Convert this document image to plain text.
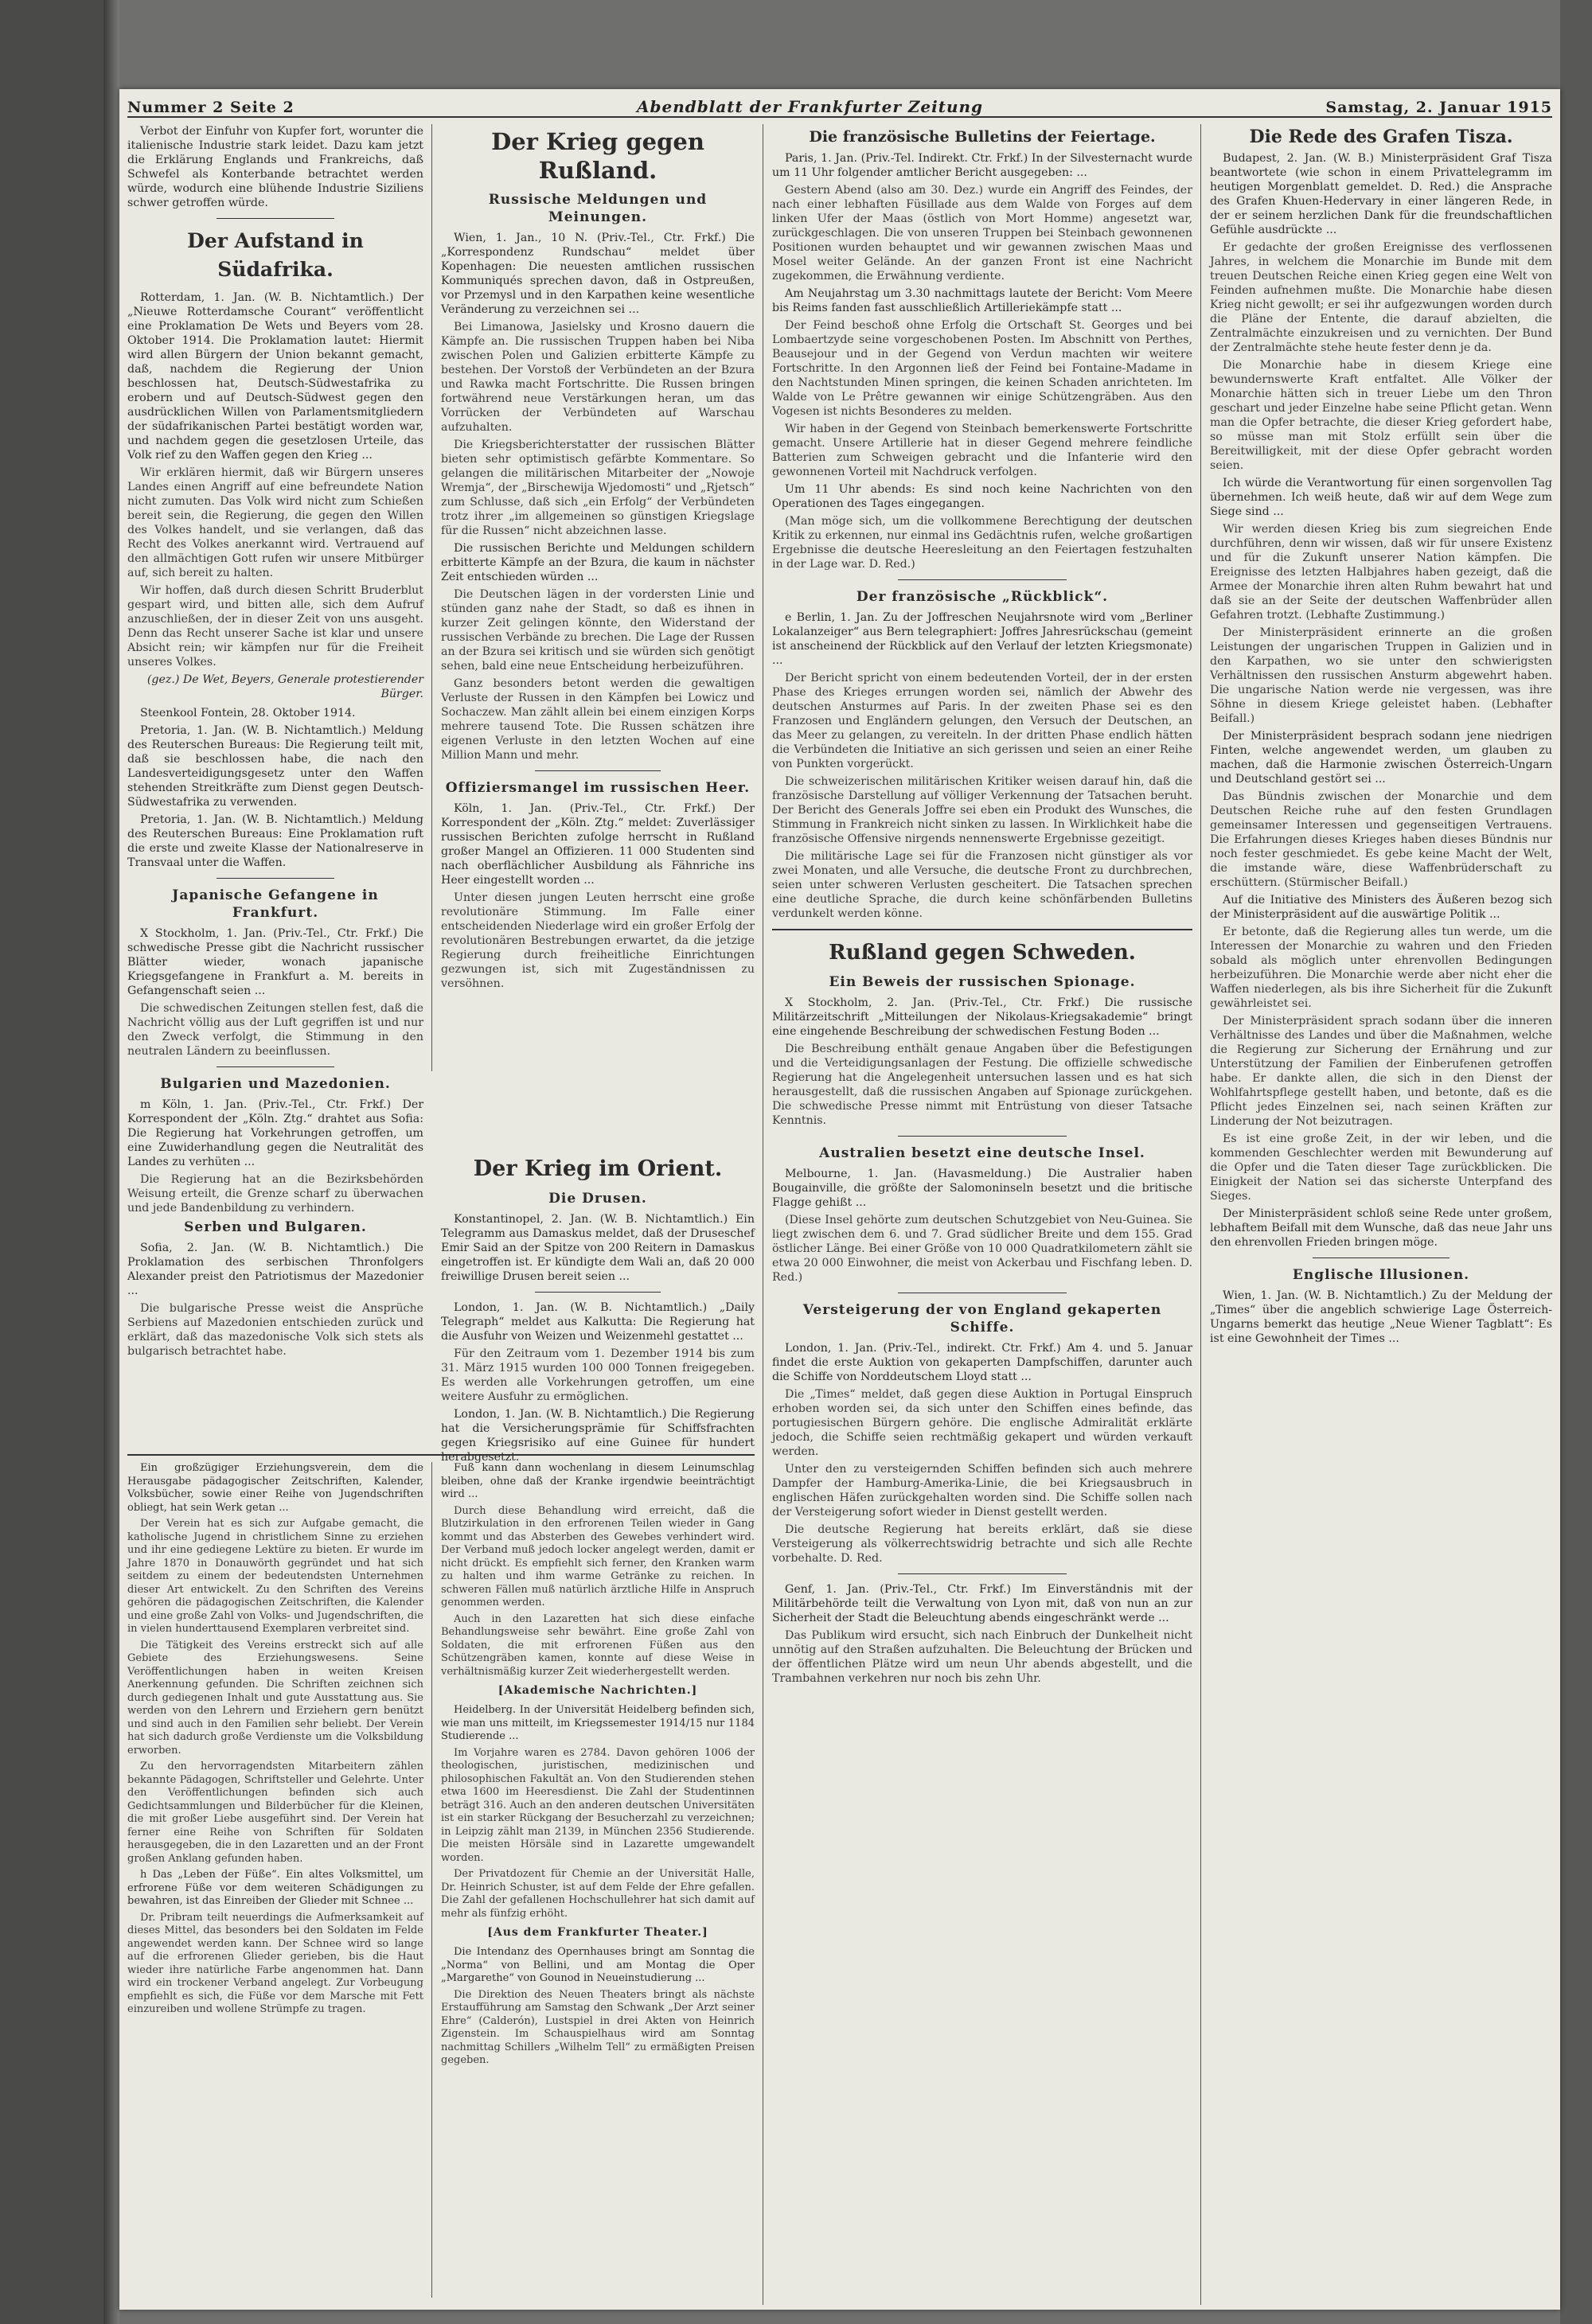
Nummer 2 Seite 2	Abendblatt der Frankfurter Zeitung	Samstag, 2. Januar 1915

Verbot der Einfuhr von Kupfer fort, worunter die italienische Industrie stark leidet. Dazu kam jetzt die Erklärung Englands und Frankreichs, daß Schwefel als Konterbande betrachtet werden würde, wodurch eine blühende Industrie Siziliens schwer getroffen würde.

Der Aufstand in Südafrika.

Rotterdam, 1. Jan. (W. B. Nichtamtlich.) Der „Nieuwe Rotterdamsche Courant“ veröffentlicht eine Proklamation De Wets und Beyers vom 28. Oktober 1914. Die Proklamation lautet: Hiermit wird allen Bürgern der Union bekannt gemacht, daß, nachdem die Regierung der Union beschlossen hat, Deutsch-Südwestafrika zu erobern und auf Deutsch-Südwest gegen den ausdrücklichen Willen von Parlamentsmitgliedern der südafrikanischen Partei bestätigt worden war, und nachdem gegen die gesetzlosen Urteile, das Volk rief zu den Waffen gegen den Krieg ...

Wir erklären hiermit, daß wir Bürgern unseres Landes einen Angriff auf eine befreundete Nation nicht zumuten. Das Volk wird nicht zum Schießen bereit sein, die Regierung, die gegen den Willen des Volkes handelt, und sie verlangen, daß das Recht des Volkes anerkannt wird. Vertrauend auf den allmächtigen Gott rufen wir unsere Mitbürger auf, sich bereit zu halten.

Wir hoffen, daß durch diesen Schritt Bruderblut gespart wird, und bitten alle, sich dem Aufruf anzuschließen, der in dieser Zeit von uns ausgeht. Denn das Recht unserer Sache ist klar und unsere Absicht rein; wir kämpfen nur für die Freiheit unseres Volkes.

(gez.) De Wet, Beyers, Generale protestierender Bürger.

Steenkool Fontein, 28. Oktober 1914.

Pretoria, 1. Jan. (W. B. Nichtamtlich.) Meldung des Reuterschen Bureaus: Die Regierung teilt mit, daß sie beschlossen habe, die nach den Landesverteidigungsgesetz unter den Waffen stehenden Streitkräfte zum Dienst gegen Deutsch-Südwestafrika zu verwenden.

Pretoria, 1. Jan. (W. B. Nichtamtlich.) Meldung des Reuterschen Bureaus: Eine Proklamation ruft die erste und zweite Klasse der Nationalreserve in Transvaal unter die Waffen.

Japanische Gefangene in Frankfurt.

X Stockholm, 1. Jan. (Priv.-Tel., Ctr. Frkf.) Die schwedische Presse gibt die Nachricht russischer Blätter wieder, wonach japanische Kriegsgefangene in Frankfurt a. M. bereits in Gefangenschaft seien ...

Die schwedischen Zeitungen stellen fest, daß die Nachricht völlig aus der Luft gegriffen ist und nur den Zweck verfolgt, die Stimmung in den neutralen Ländern zu beeinflussen.

Bulgarien und Mazedonien.

m Köln, 1. Jan. (Priv.-Tel., Ctr. Frkf.) Der Korrespondent der „Köln. Ztg.“ drahtet aus Sofia: Die Regierung hat Vorkehrungen getroffen, um eine Zuwiderhandlung gegen die Neutralität des Landes zu verhüten ...

Die Regierung hat an die Bezirksbehörden Weisung erteilt, die Grenze scharf zu überwachen und jede Bandenbildung zu verhindern.

Serben und Bulgaren.

Sofia, 2. Jan. (W. B. Nichtamtlich.) Die Proklamation des serbischen Thronfolgers Alexander preist den Patriotismus der Mazedonier ...

Die bulgarische Presse weist die Ansprüche Serbiens auf Mazedonien entschieden zurück und erklärt, daß das mazedonische Volk sich stets als bulgarisch betrachtet habe.

Der Krieg gegen Rußland.
Russische Meldungen und Meinungen.

Wien, 1. Jan., 10 N. (Priv.-Tel., Ctr. Frkf.) Die „Korrespondenz Rundschau“ meldet über Kopenhagen: Die neuesten amtlichen russischen Kommuniqués sprechen davon, daß in Ostpreußen, vor Przemysl und in den Karpathen keine wesentliche Veränderung zu verzeichnen sei ...

Bei Limanowa, Jasielsky und Krosno dauern die Kämpfe an. Die russischen Truppen haben bei Niba zwischen Polen und Galizien erbitterte Kämpfe zu bestehen. Der Vorstoß der Verbündeten an der Bzura und Rawka macht Fortschritte. Die Russen bringen fortwährend neue Verstärkungen heran, um das Vorrücken der Verbündeten auf Warschau aufzuhalten.

Die Kriegsberichterstatter der russischen Blätter bieten sehr optimistisch gefärbte Kommentare. So gelangen die militärischen Mitarbeiter der „Nowoje Wremja“, der „Birschewija Wjedomosti“ und „Rjetsch“ zum Schlusse, daß sich „ein Erfolg“ der Verbündeten trotz ihrer „im allgemeinen so günstigen Kriegslage für die Russen“ nicht abzeichnen lasse.

Die russischen Berichte und Meldungen schildern erbitterte Kämpfe an der Bzura, die kaum in nächster Zeit entschieden würden ...

Die Deutschen lägen in der vordersten Linie und stünden ganz nahe der Stadt, so daß es ihnen in kurzer Zeit gelingen könnte, den Widerstand der russischen Verbände zu brechen. Die Lage der Russen an der Bzura sei kritisch und sie würden sich genötigt sehen, bald eine neue Entscheidung herbeizuführen.

Ganz besonders betont werden die gewaltigen Verluste der Russen in den Kämpfen bei Lowicz und Sochaczew. Man zählt allein bei einem einzigen Korps mehrere tausend Tote. Die Russen schätzen ihre eigenen Verluste in den letzten Wochen auf eine Million Mann und mehr.

Offiziersmangel im russischen Heer.

Köln, 1. Jan. (Priv.-Tel., Ctr. Frkf.) Der Korrespondent der „Köln. Ztg.“ meldet: Zuverlässiger russischen Berichten zufolge herrscht in Rußland großer Mangel an Offizieren. 11 000 Studenten sind nach oberflächlicher Ausbildung als Fähnriche ins Heer eingestellt worden ...

Unter diesen jungen Leuten herrscht eine große revolutionäre Stimmung. Im Falle einer entscheidenden Niederlage wird ein großer Erfolg der revolutionären Bestrebungen erwartet, da die jetzige Regierung durch freiheitliche Einrichtungen gezwungen ist, sich mit Zugeständnissen zu versöhnen.

Der Krieg im Orient.
Die Drusen.

Konstantinopel, 2. Jan. (W. B. Nichtamtlich.) Ein Telegramm aus Damaskus meldet, daß der Druseschef Emir Said an der Spitze von 200 Reitern in Damaskus eingetroffen ist. Er kündigte dem Wali an, daß 20 000 freiwillige Drusen bereit seien ...

London, 1. Jan. (W. B. Nichtamtlich.) „Daily Telegraph“ meldet aus Kalkutta: Die Regierung hat die Ausfuhr von Weizen und Weizenmehl gestattet ...

Für den Zeitraum vom 1. Dezember 1914 bis zum 31. März 1915 wurden 100 000 Tonnen freigegeben. Es werden alle Vorkehrungen getroffen, um eine weitere Ausfuhr zu ermöglichen.

London, 1. Jan. (W. B. Nichtamtlich.) Die Regierung hat die Versicherungsprämie für Schiffsfrachten gegen Kriegsrisiko auf eine Guinee für hundert herabgesetzt.

Die französische Bulletins der Feiertage.

Paris, 1. Jan. (Priv.-Tel. Indirekt. Ctr. Frkf.) In der Silvesternacht wurde um 11 Uhr folgender amtlicher Bericht ausgegeben: ...

Gestern Abend (also am 30. Dez.) wurde ein Angriff des Feindes, der nach einer lebhaften Füsillade aus dem Walde von Forges auf dem linken Ufer der Maas (östlich von Mort Homme) angesetzt war, zurückgeschlagen. Die von unseren Truppen bei Steinbach gewonnenen Positionen wurden behauptet und wir gewannen zwischen Maas und Mosel weiter Gelände. An der ganzen Front ist eine Nachricht zugekommen, die Erwähnung verdiente.

Am Neujahrstag um 3.30 nachmittags lautete der Bericht: Vom Meere bis Reims fanden fast ausschließlich Artilleriekämpfe statt ...

Der Feind beschoß ohne Erfolg die Ortschaft St. Georges und bei Lombaertzyde seine vorgeschobenen Posten. Im Abschnitt von Perthes, Beausejour und in der Gegend von Verdun machten wir weitere Fortschritte. In den Argonnen ließ der Feind bei Fontaine-Madame in den Nachtstunden Minen springen, die keinen Schaden anrichteten. Im Walde von Le Prêtre gewannen wir einige Schützengräben. Aus den Vogesen ist nichts Besonderes zu melden.

Wir haben in der Gegend von Steinbach bemerkenswerte Fortschritte gemacht. Unsere Artillerie hat in dieser Gegend mehrere feindliche Batterien zum Schweigen gebracht und die Infanterie wird den gewonnenen Vorteil mit Nachdruck verfolgen.

Um 11 Uhr abends: Es sind noch keine Nachrichten von den Operationen des Tages eingegangen.

(Man möge sich, um die vollkommene Berechtigung der deutschen Kritik zu erkennen, nur einmal ins Gedächtnis rufen, welche großartigen Ergebnisse die deutsche Heeresleitung an den Feiertagen festzuhalten in der Lage war. D. Red.)

Der französische „Rückblick“.

e Berlin, 1. Jan. Zu der Joffreschen Neujahrsnote wird vom „Berliner Lokalanzeiger“ aus Bern telegraphiert: Joffres Jahresrückschau (gemeint ist anscheinend der Rückblick auf den Verlauf der letzten Kriegsmonate) ...

Der Bericht spricht von einem bedeutenden Vorteil, der in der ersten Phase des Krieges errungen worden sei, nämlich der Abwehr des deutschen Ansturmes auf Paris. In der zweiten Phase sei es den Franzosen und Engländern gelungen, den Versuch der Deutschen, an das Meer zu gelangen, zu vereiteln. In der dritten Phase endlich hätten die Verbündeten die Initiative an sich gerissen und seien an einer Reihe von Punkten vorgerückt.

Die schweizerischen militärischen Kritiker weisen darauf hin, daß die französische Darstellung auf völliger Verkennung der Tatsachen beruht. Der Bericht des Generals Joffre sei eben ein Produkt des Wunsches, die Stimmung in Frankreich nicht sinken zu lassen. In Wirklichkeit habe die französische Offensive nirgends nennenswerte Ergebnisse gezeitigt.

Die militärische Lage sei für die Franzosen nicht günstiger als vor zwei Monaten, und alle Versuche, die deutsche Front zu durchbrechen, seien unter schweren Verlusten gescheitert. Die Tatsachen sprechen eine deutliche Sprache, die durch keine schönfärbenden Bulletins verdunkelt werden könne.

Rußland gegen Schweden.
Ein Beweis der russischen Spionage.

X Stockholm, 2. Jan. (Priv.-Tel., Ctr. Frkf.) Die russische Militärzeitschrift „Mitteilungen der Nikolaus-Kriegsakademie“ bringt eine eingehende Beschreibung der schwedischen Festung Boden ...

Die Beschreibung enthält genaue Angaben über die Befestigungen und die Verteidigungsanlagen der Festung. Die offizielle schwedische Regierung hat die Angelegenheit untersuchen lassen und es hat sich herausgestellt, daß die russischen Angaben auf Spionage zurückgehen. Die schwedische Presse nimmt mit Entrüstung von dieser Tatsache Kenntnis.

Australien besetzt eine deutsche Insel.

Melbourne, 1. Jan. (Havasmeldung.) Die Australier haben Bougainville, die größte der Salomoninseln besetzt und die britische Flagge gehißt ...

(Diese Insel gehörte zum deutschen Schutzgebiet von Neu-Guinea. Sie liegt zwischen dem 6. und 7. Grad südlicher Breite und dem 155. Grad östlicher Länge. Bei einer Größe von 10 000 Quadratkilometern zählt sie etwa 20 000 Einwohner, die meist von Ackerbau und Fischfang leben. D. Red.)

Versteigerung der von England gekaperten Schiffe.

London, 1. Jan. (Priv.-Tel., indirekt. Ctr. Frkf.) Am 4. und 5. Januar findet die erste Auktion von gekaperten Dampfschiffen, darunter auch die Schiffe von Norddeutschem Lloyd statt ...

Die „Times“ meldet, daß gegen diese Auktion in Portugal Einspruch erhoben worden sei, da sich unter den Schiffen eines befinde, das portugiesischen Bürgern gehöre. Die englische Admiralität erklärte jedoch, die Schiffe seien rechtmäßig gekapert und würden verkauft werden.

Unter den zu versteigernden Schiffen befinden sich auch mehrere Dampfer der Hamburg-Amerika-Linie, die bei Kriegsausbruch in englischen Häfen zurückgehalten worden sind. Die Schiffe sollen nach der Versteigerung sofort wieder in Dienst gestellt werden.

Die deutsche Regierung hat bereits erklärt, daß sie diese Versteigerung als völkerrechtswidrig betrachte und sich alle Rechte vorbehalte. D. Red.

Genf, 1. Jan. (Priv.-Tel., Ctr. Frkf.) Im Einverständnis mit der Militärbehörde teilt die Verwaltung von Lyon mit, daß von nun an zur Sicherheit der Stadt die Beleuchtung abends eingeschränkt werde ...

Das Publikum wird ersucht, sich nach Einbruch der Dunkelheit nicht unnötig auf den Straßen aufzuhalten. Die Beleuchtung der Brücken und der öffentlichen Plätze wird um neun Uhr abends abgestellt, und die Trambahnen verkehren nur noch bis zehn Uhr.

Die Rede des Grafen Tisza.

Budapest, 2. Jan. (W. B.) Ministerpräsident Graf Tisza beantwortete (wie schon in einem Privattelegramm im heutigen Morgenblatt gemeldet. D. Red.) die Ansprache des Grafen Khuen-Hedervary in einer längeren Rede, in der er seinem herzlichen Dank für die freundschaftlichen Gefühle ausdrückte ...

Er gedachte der großen Ereignisse des verflossenen Jahres, in welchem die Monarchie im Bunde mit dem treuen Deutschen Reiche einen Krieg gegen eine Welt von Feinden aufnehmen mußte. Die Monarchie habe diesen Krieg nicht gewollt; er sei ihr aufgezwungen worden durch die Pläne der Entente, die darauf abzielten, die Zentralmächte einzukreisen und zu vernichten. Der Bund der Zentralmächte stehe heute fester denn je da.

Die Monarchie habe in diesem Kriege eine bewundernswerte Kraft entfaltet. Alle Völker der Monarchie hätten sich in treuer Liebe um den Thron geschart und jeder Einzelne habe seine Pflicht getan. Wenn man die Opfer betrachte, die dieser Krieg gefordert habe, so müsse man mit Stolz erfüllt sein über die Bereitwilligkeit, mit der diese Opfer gebracht worden seien.

Ich würde die Verantwortung für einen sorgenvollen Tag übernehmen. Ich weiß heute, daß wir auf dem Wege zum Siege sind ...

Wir werden diesen Krieg bis zum siegreichen Ende durchführen, denn wir wissen, daß wir für unsere Existenz und für die Zukunft unserer Nation kämpfen. Die Ereignisse des letzten Halbjahres haben gezeigt, daß die Armee der Monarchie ihren alten Ruhm bewahrt hat und daß sie an der Seite der deutschen Waffenbrüder allen Gefahren trotzt. (Lebhafte Zustimmung.)

Der Ministerpräsident erinnerte an die großen Leistungen der ungarischen Truppen in Galizien und in den Karpathen, wo sie unter den schwierigsten Verhältnissen den russischen Ansturm abgewehrt haben. Die ungarische Nation werde nie vergessen, was ihre Söhne in diesem Kriege geleistet haben. (Lebhafter Beifall.)

Der Ministerpräsident besprach sodann jene niedrigen Finten, welche angewendet werden, um glauben zu machen, daß die Harmonie zwischen Österreich-Ungarn und Deutschland gestört sei ...

Das Bündnis zwischen der Monarchie und dem Deutschen Reiche ruhe auf den festen Grundlagen gemeinsamer Interessen und gegenseitigen Vertrauens. Die Erfahrungen dieses Krieges haben dieses Bündnis nur noch fester geschmiedet. Es gebe keine Macht der Welt, die imstande wäre, diese Waffenbrüderschaft zu erschüttern. (Stürmischer Beifall.)

Auf die Initiative des Ministers des Äußeren bezog sich der Ministerpräsident auf die auswärtige Politik ...

Er betonte, daß die Regierung alles tun werde, um die Interessen der Monarchie zu wahren und den Frieden sobald als möglich unter ehrenvollen Bedingungen herbeizuführen. Die Monarchie werde aber nicht eher die Waffen niederlegen, als bis ihre Sicherheit für die Zukunft gewährleistet sei.

Der Ministerpräsident sprach sodann über die inneren Verhältnisse des Landes und über die Maßnahmen, welche die Regierung zur Sicherung der Ernährung und zur Unterstützung der Familien der Einberufenen getroffen habe. Er dankte allen, die sich in den Dienst der Wohlfahrtspflege gestellt haben, und betonte, daß es die Pflicht jedes Einzelnen sei, nach seinen Kräften zur Linderung der Not beizutragen.

Es ist eine große Zeit, in der wir leben, und die kommenden Geschlechter werden mit Bewunderung auf die Opfer und die Taten dieser Tage zurückblicken. Die Einigkeit der Nation sei das sicherste Unterpfand des Sieges.

Der Ministerpräsident schloß seine Rede unter großem, lebhaftem Beifall mit dem Wunsche, daß das neue Jahr uns den ehrenvollen Frieden bringen möge.

Englische Illusionen.

Wien, 1. Jan. (W. B. Nichtamtlich.) Zu der Meldung der „Times“ über die angeblich schwierige Lage Österreich-Ungarns bemerkt das heutige „Neue Wiener Tagblatt“: Es ist eine Gewohnheit der Times ...

Ein großzügiger Erziehungsverein, dem die Herausgabe pädagogischer Zeitschriften, Kalender, Volksbücher, sowie einer Reihe von Jugendschriften obliegt, hat sein Werk getan ...

Der Verein hat es sich zur Aufgabe gemacht, die katholische Jugend in christlichem Sinne zu erziehen und ihr eine gediegene Lektüre zu bieten. Er wurde im Jahre 1870 in Donauwörth gegründet und hat sich seitdem zu einem der bedeutendsten Unternehmen dieser Art entwickelt. Zu den Schriften des Vereins gehören die pädagogischen Zeitschriften, die Kalender und eine große Zahl von Volks- und Jugendschriften, die in vielen hunderttausend Exemplaren verbreitet sind.

Die Tätigkeit des Vereins erstreckt sich auf alle Gebiete des Erziehungswesens. Seine Veröffentlichungen haben in weiten Kreisen Anerkennung gefunden. Die Schriften zeichnen sich durch gediegenen Inhalt und gute Ausstattung aus. Sie werden von den Lehrern und Erziehern gern benützt und sind auch in den Familien sehr beliebt. Der Verein hat sich dadurch große Verdienste um die Volksbildung erworben.

Zu den hervorragendsten Mitarbeitern zählen bekannte Pädagogen, Schriftsteller und Gelehrte. Unter den Veröffentlichungen befinden sich auch Gedichtsammlungen und Bilderbücher für die Kleinen, die mit großer Liebe ausgeführt sind. Der Verein hat ferner eine Reihe von Schriften für Soldaten herausgegeben, die in den Lazaretten und an der Front großen Anklang gefunden haben.

h Das „Leben der Füße“. Ein altes Volksmittel, um erfrorene Füße vor dem weiteren Schädigungen zu bewahren, ist das Einreiben der Glieder mit Schnee ...

Dr. Pribram teilt neuerdings die Aufmerksamkeit auf dieses Mittel, das besonders bei den Soldaten im Felde angewendet werden kann. Der Schnee wird so lange auf die erfrorenen Glieder gerieben, bis die Haut wieder ihre natürliche Farbe angenommen hat. Dann wird ein trockener Verband angelegt. Zur Vorbeugung empfiehlt es sich, die Füße vor dem Marsche mit Fett einzureiben und wollene Strümpfe zu tragen.

Fuß kann dann wochenlang in diesem Leinumschlag bleiben, ohne daß der Kranke irgendwie beeinträchtigt wird ...

Durch diese Behandlung wird erreicht, daß die Blutzirkulation in den erfrorenen Teilen wieder in Gang kommt und das Absterben des Gewebes verhindert wird. Der Verband muß jedoch locker angelegt werden, damit er nicht drückt. Es empfiehlt sich ferner, den Kranken warm zu halten und ihm warme Getränke zu reichen. In schweren Fällen muß natürlich ärztliche Hilfe in Anspruch genommen werden.

Auch in den Lazaretten hat sich diese einfache Behandlungsweise sehr bewährt. Eine große Zahl von Soldaten, die mit erfrorenen Füßen aus den Schützengräben kamen, konnte auf diese Weise in verhältnismäßig kurzer Zeit wiederhergestellt werden.

[Akademische Nachrichten.]

Heidelberg. In der Universität Heidelberg befinden sich, wie man uns mitteilt, im Kriegssemester 1914/15 nur 1184 Studierende ...

Im Vorjahre waren es 2784. Davon gehören 1006 der theologischen, juristischen, medizinischen und philosophischen Fakultät an. Von den Studierenden stehen etwa 1600 im Heeresdienst. Die Zahl der Studentinnen beträgt 316. Auch an den anderen deutschen Universitäten ist ein starker Rückgang der Besucherzahl zu verzeichnen; in Leipzig zählt man 2139, in München 2356 Studierende. Die meisten Hörsäle sind in Lazarette umgewandelt worden.

Der Privatdozent für Chemie an der Universität Halle, Dr. Heinrich Schuster, ist auf dem Felde der Ehre gefallen. Die Zahl der gefallenen Hochschullehrer hat sich damit auf mehr als fünfzig erhöht.

[Aus dem Frankfurter Theater.]

Die Intendanz des Opernhauses bringt am Sonntag die „Norma“ von Bellini, und am Montag die Oper „Margarethe“ von Gounod in Neueinstudierung ...

Die Direktion des Neuen Theaters bringt als nächste Erstaufführung am Samstag den Schwank „Der Arzt seiner Ehre“ (Calderón), Lustspiel in drei Akten von Heinrich Zigenstein. Im Schauspielhaus wird am Sonntag nachmittag Schillers „Wilhelm Tell“ zu ermäßigten Preisen gegeben.
